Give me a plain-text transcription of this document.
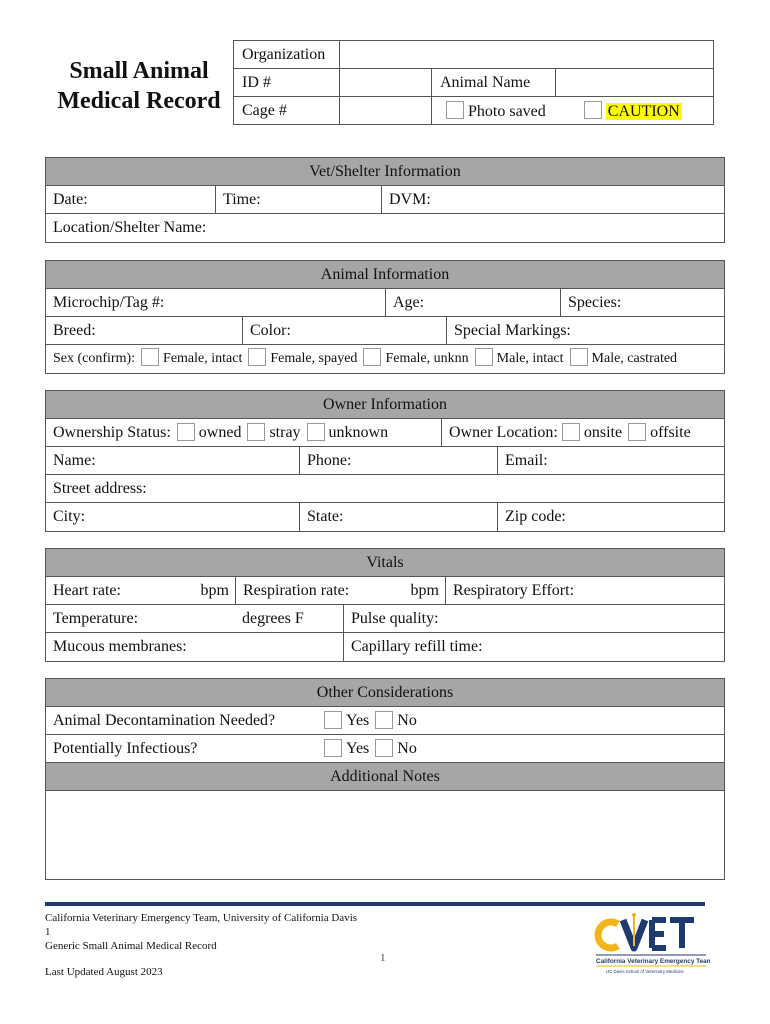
Small Animal
Medical Record
Organization
ID #	Animal Name
Cage #	Photo saved	CAUTION
Vet/Shelter Information
Date:	Time:	DVM:
Location/Shelter Name:
Animal Information
Microchip/Tag #:	Age:	Species:
Breed:	Color:	Special Markings:
Sex (confirm): Female, intact Female, spayed Female, unknn Male, intact Male, castrated
Owner Information
Ownership Status: owned stray unknown	Owner Location: onsite offsite
Name:	Phone:	Email:
Street address:
City:	State:	Zip code:
Vitals
Heart rate:	bpm Respiration rate:	bpm Respiratory Effort:
Temperature:	degrees F	Pulse quality:
Mucous membranes:	Capillary refill time:
Other Considerations
Animal Decontamination Needed?	Yes No
Potentially Infectious?	Yes No
Additional Notes
California Veterinary Emergency Team, University of California Davis
1
Generic Small Animal Medical Record
Last Updated August 2023
1	California Veterinary Emergency Team
UC Davis School of Veterinary Medicine
